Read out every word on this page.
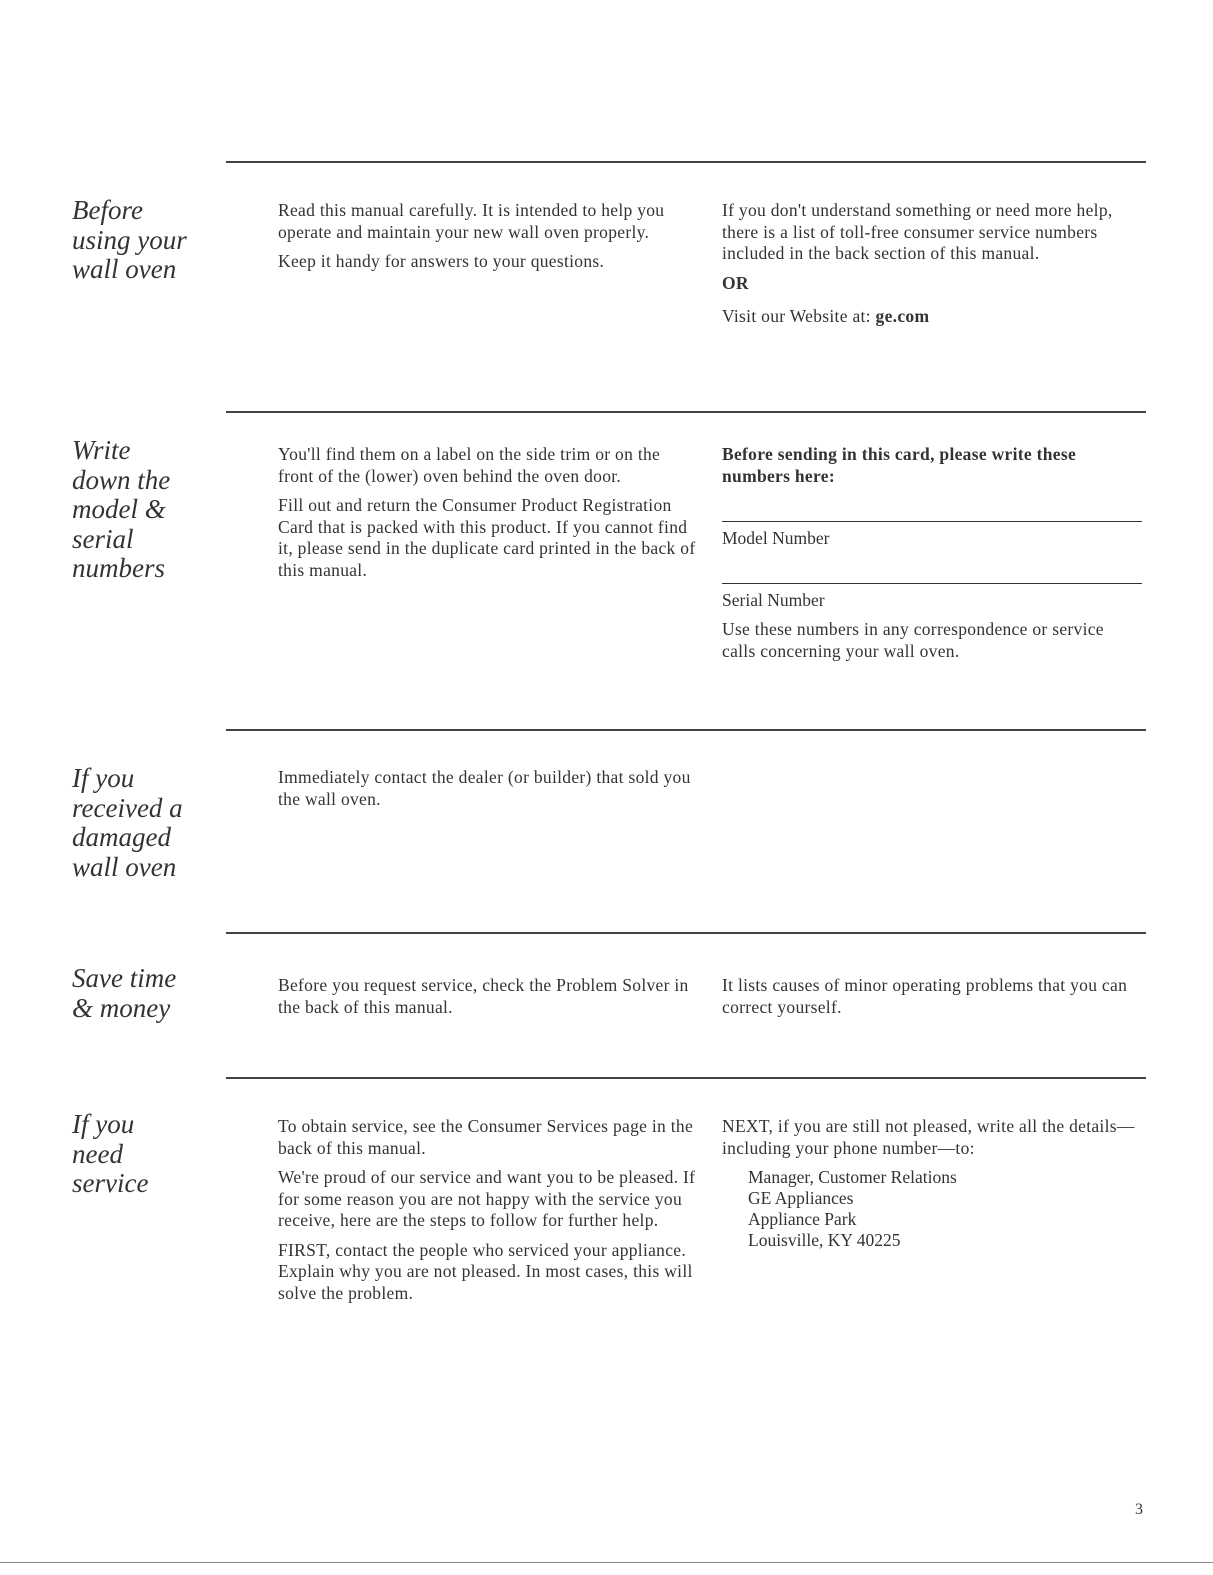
Before
using your
wall oven

Read this manual carefully. It is intended to help you operate and maintain your new wall oven properly.

Keep it handy for answers to your questions.

If you don't understand something or need more help, there is a list of toll-free consumer service numbers included in the back section of this manual.

OR

Visit our Website at: ge.com

Write
down the
model &
serial
numbers

You'll find them on a label on the side trim or on the front of the (lower) oven behind the oven door.

Fill out and return the Consumer Product Registration Card that is packed with this product. If you cannot find it, please send in the duplicate card printed in the back of this manual.

Before sending in this card, please write these numbers here:

Model Number
Serial Number

Use these numbers in any correspondence or service calls concerning your wall oven.

If you
received a
damaged
wall oven

Immediately contact the dealer (or builder) that sold you the wall oven.

Save time
& money

Before you request service, check the Problem Solver in the back of this manual.

It lists causes of minor operating problems that you can correct yourself.

If you
need
service

To obtain service, see the Consumer Services page in the back of this manual.

We're proud of our service and want you to be pleased. If for some reason you are not happy with the service you receive, here are the steps to follow for further help.

FIRST, contact the people who serviced your appliance. Explain why you are not pleased. In most cases, this will solve the problem.

NEXT, if you are still not pleased, write all the details—including your phone number—to:

Manager, Customer Relations
GE Appliances
Appliance Park
Louisville, KY 40225
3
